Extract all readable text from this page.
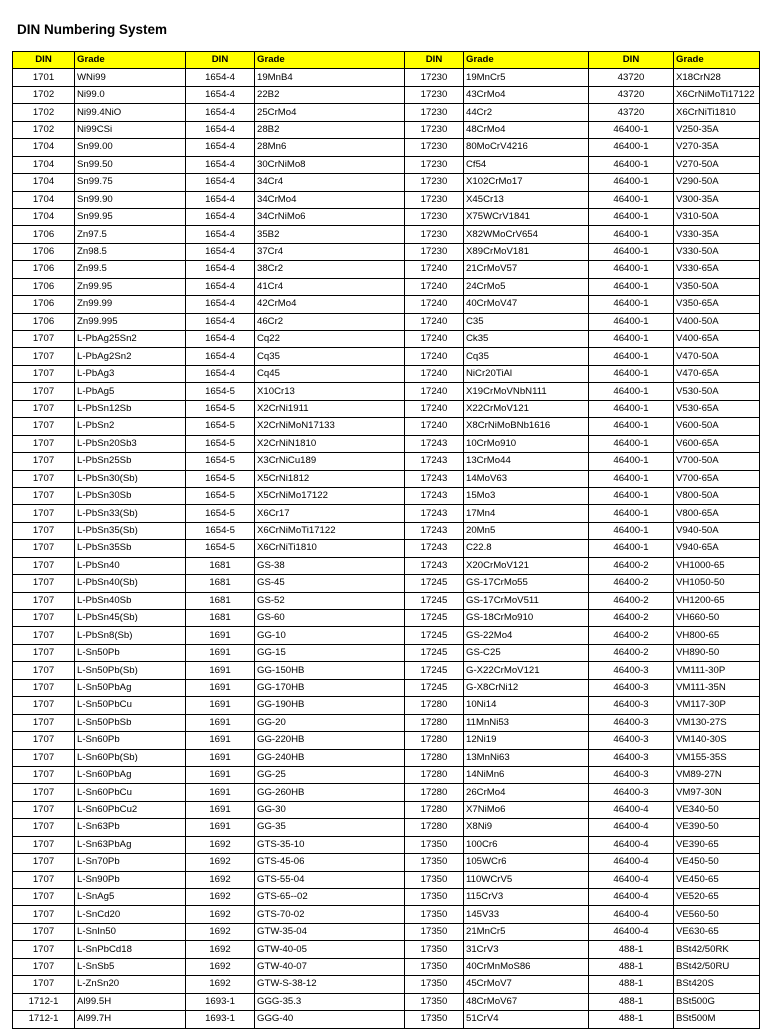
DIN Numbering System
DIN	Grade	DIN	Grade	DIN	Grade	DIN	Grade
1701	WNi99	1654-4	19MnB4	17230	19MnCr5	43720	X18CrN28
1702	Ni99.0	1654-4	22B2	17230	43CrMo4	43720	X6CrNiMoTi17122
1702	Ni99.4NiO	1654-4	25CrMo4	17230	44Cr2	43720	X6CrNiTi1810
1702	Ni99CSi	1654-4	28B2	17230	48CrMo4	46400-1	V250-35A
1704	Sn99.00	1654-4	28Mn6	17230	80MoCrV4216	46400-1	V270-35A
1704	Sn99.50	1654-4	30CrNiMo8	17230	Cf54	46400-1	V270-50A
1704	Sn99.75	1654-4	34Cr4	17230	X102CrMo17	46400-1	V290-50A
1704	Sn99.90	1654-4	34CrMo4	17230	X45Cr13	46400-1	V300-35A
1704	Sn99.95	1654-4	34CrNiMo6	17230	X75WCrV1841	46400-1	V310-50A
1706	Zn97.5	1654-4	35B2	17230	X82WMoCrV654	46400-1	V330-35A
1706	Zn98.5	1654-4	37Cr4	17230	X89CrMoV181	46400-1	V330-50A
1706	Zn99.5	1654-4	38Cr2	17240	21CrMoV57	46400-1	V330-65A
1706	Zn99.95	1654-4	41Cr4	17240	24CrMo5	46400-1	V350-50A
1706	Zn99.99	1654-4	42CrMo4	17240	40CrMoV47	46400-1	V350-65A
1706	Zn99.995	1654-4	46Cr2	17240	C35	46400-1	V400-50A
1707	L-PbAg25Sn2	1654-4	Cq22	17240	Ck35	46400-1	V400-65A
1707	L-PbAg2Sn2	1654-4	Cq35	17240	Cq35	46400-1	V470-50A
1707	L-PbAg3	1654-4	Cq45	17240	NiCr20TiAl	46400-1	V470-65A
1707	L-PbAg5	1654-5	X10Cr13	17240	X19CrMoVNbN111	46400-1	V530-50A
1707	L-PbSn12Sb	1654-5	X2CrNi1911	17240	X22CrMoV121	46400-1	V530-65A
1707	L-PbSn2	1654-5	X2CrNiMoN17133	17240	X8CrNiMoBNb1616	46400-1	V600-50A
1707	L-PbSn20Sb3	1654-5	X2CrNiN1810	17243	10CrMo910	46400-1	V600-65A
1707	L-PbSn25Sb	1654-5	X3CrNiCu189	17243	13CrMo44	46400-1	V700-50A
1707	L-PbSn30(Sb)	1654-5	X5CrNi1812	17243	14MoV63	46400-1	V700-65A
1707	L-PbSn30Sb	1654-5	X5CrNiMo17122	17243	15Mo3	46400-1	V800-50A
1707	L-PbSn33(Sb)	1654-5	X6Cr17	17243	17Mn4	46400-1	V800-65A
1707	L-PbSn35(Sb)	1654-5	X6CrNiMoTi17122	17243	20Mn5	46400-1	V940-50A
1707	L-PbSn35Sb	1654-5	X6CrNiTi1810	17243	C22.8	46400-1	V940-65A
1707	L-PbSn40	1681	GS-38	17243	X20CrMoV121	46400-2	VH1000-65
1707	L-PbSn40(Sb)	1681	GS-45	17245	GS-17CrMo55	46400-2	VH1050-50
1707	L-PbSn40Sb	1681	GS-52	17245	GS-17CrMoV511	46400-2	VH1200-65
1707	L-PbSn45(Sb)	1681	GS-60	17245	GS-18CrMo910	46400-2	VH660-50
1707	L-PbSn8(Sb)	1691	GG-10	17245	GS-22Mo4	46400-2	VH800-65
1707	L-Sn50Pb	1691	GG-15	17245	GS-C25	46400-2	VH890-50
1707	L-Sn50Pb(Sb)	1691	GG-150HB	17245	G-X22CrMoV121	46400-3	VM111-30P
1707	L-Sn50PbAg	1691	GG-170HB	17245	G-X8CrNi12	46400-3	VM111-35N
1707	L-Sn50PbCu	1691	GG-190HB	17280	10Ni14	46400-3	VM117-30P
1707	L-Sn50PbSb	1691	GG-20	17280	11MnNi53	46400-3	VM130-27S
1707	L-Sn60Pb	1691	GG-220HB	17280	12Ni19	46400-3	VM140-30S
1707	L-Sn60Pb(Sb)	1691	GG-240HB	17280	13MnNi63	46400-3	VM155-35S
1707	L-Sn60PbAg	1691	GG-25	17280	14NiMn6	46400-3	VM89-27N
1707	L-Sn60PbCu	1691	GG-260HB	17280	26CrMo4	46400-3	VM97-30N
1707	L-Sn60PbCu2	1691	GG-30	17280	X7NiMo6	46400-4	VE340-50
1707	L-Sn63Pb	1691	GG-35	17280	X8Ni9	46400-4	VE390-50
1707	L-Sn63PbAg	1692	GTS-35-10	17350	100Cr6	46400-4	VE390-65
1707	L-Sn70Pb	1692	GTS-45-06	17350	105WCr6	46400-4	VE450-50
1707	L-Sn90Pb	1692	GTS-55-04	17350	110WCrV5	46400-4	VE450-65
1707	L-SnAg5	1692	GTS-65--02	17350	115CrV3	46400-4	VE520-65
1707	L-SnCd20	1692	GTS-70-02	17350	145V33	46400-4	VE560-50
1707	L-SnIn50	1692	GTW-35-04	17350	21MnCr5	46400-4	VE630-65
1707	L-SnPbCd18	1692	GTW-40-05	17350	31CrV3	488-1	BSt42/50RK
1707	L-SnSb5	1692	GTW-40-07	17350	40CrMnMoS86	488-1	BSt42/50RU
1707	L-ZnSn20	1692	GTW-S-38-12	17350	45CrMoV7	488-1	BSt420S
1712-1	Al99.5H	1693-1	GGG-35.3	17350	48CrMoV67	488-1	BSt500G
1712-1	Al99.7H	1693-1	GGG-40	17350	51CrV4	488-1	BSt500M
